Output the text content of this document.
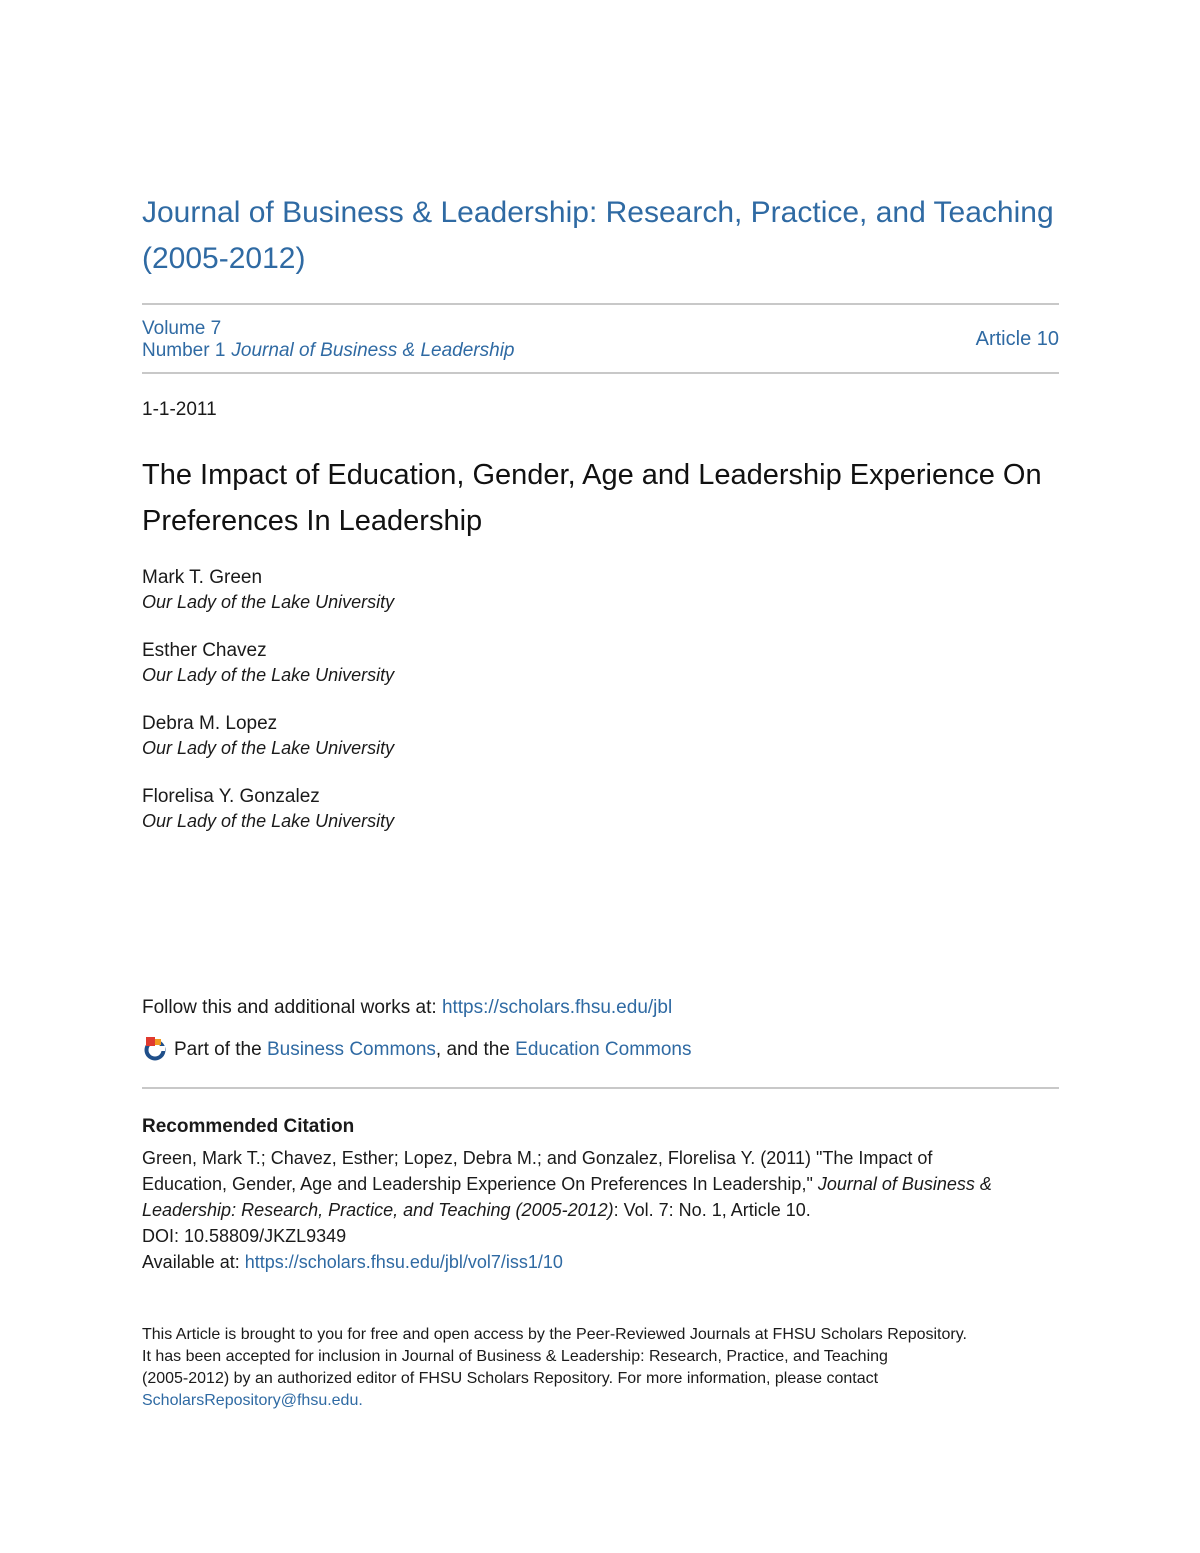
Journal of Business & Leadership: Research, Practice, and Teaching (2005-2012)
Volume 7
Number 1 Journal of Business & Leadership
Article 10
1-1-2011
The Impact of Education, Gender, Age and Leadership Experience On Preferences In Leadership
Mark T. Green
Our Lady of the Lake University
Esther Chavez
Our Lady of the Lake University
Debra M. Lopez
Our Lady of the Lake University
Florelisa Y. Gonzalez
Our Lady of the Lake University
Follow this and additional works at: https://scholars.fhsu.edu/jbl
Part of the Business Commons, and the Education Commons
Recommended Citation
Green, Mark T.; Chavez, Esther; Lopez, Debra M.; and Gonzalez, Florelisa Y. (2011) "The Impact of
Education, Gender, Age and Leadership Experience On Preferences In Leadership," Journal of Business &
Leadership: Research, Practice, and Teaching (2005-2012): Vol. 7: No. 1, Article 10.
DOI: 10.58809/JKZL9349
Available at: https://scholars.fhsu.edu/jbl/vol7/iss1/10
This Article is brought to you for free and open access by the Peer-Reviewed Journals at FHSU Scholars Repository.
It has been accepted for inclusion in Journal of Business & Leadership: Research, Practice, and Teaching
(2005-2012) by an authorized editor of FHSU Scholars Repository. For more information, please contact
ScholarsRepository@fhsu.edu.
